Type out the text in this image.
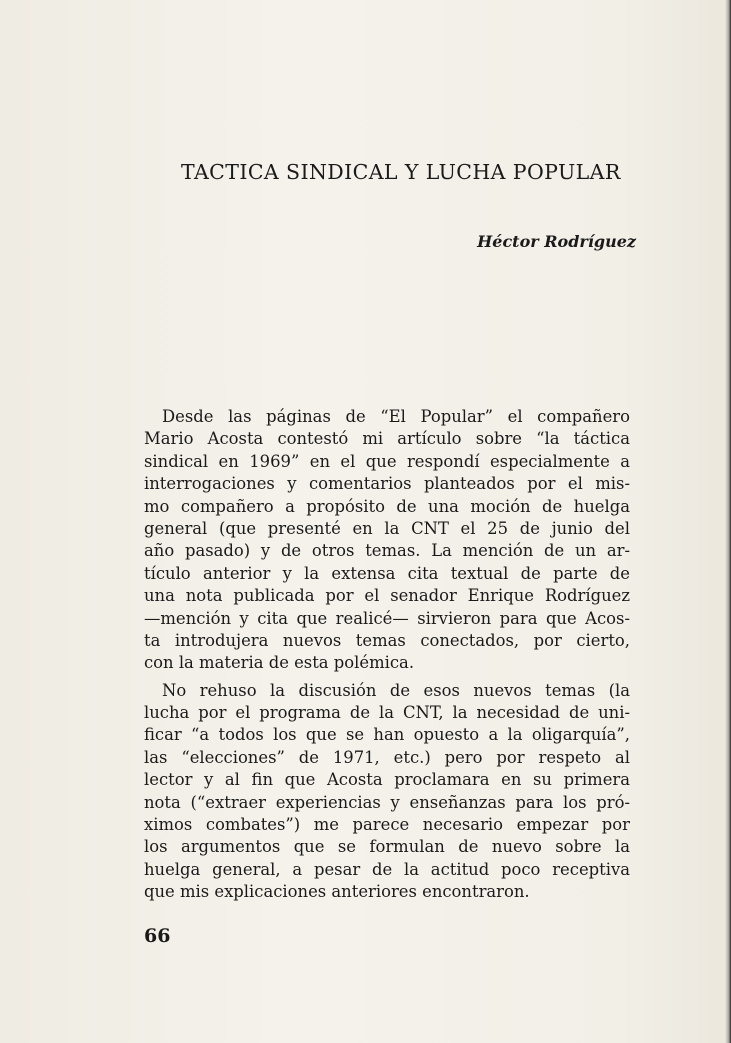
TACTICA SINDICAL Y LUCHA POPULAR
Héctor Rodríguez
Desde las páginas de “El Popular” el compañero
Mario Acosta contestó mi artículo sobre “la táctica
sindical en 1969” en el que respondí especialmente a
interrogaciones y comentarios planteados por el mis-
mo compañero a propósito de una moción de huelga
general (que presenté en la CNT el 25 de junio del
año pasado) y de otros temas. La mención de un ar-
tículo anterior y la extensa cita textual de parte de
una nota publicada por el senador Enrique Rodríguez
—mención y cita que realicé— sirvieron para que Acos-
ta introdujera nuevos temas conectados, por cierto,
con la materia de esta polémica.
No rehuso la discusión de esos nuevos temas (la
lucha por el programa de la CNT, la necesidad de uni-
ficar “a todos los que se han opuesto a la oligarquía”,
las “elecciones” de 1971, etc.) pero por respeto al
lector y al fin que Acosta proclamara en su primera
nota (“extraer experiencias y enseñanzas para los pró-
ximos combates”) me parece necesario empezar por
los argumentos que se formulan de nuevo sobre la
huelga general, a pesar de la actitud poco receptiva
que mis explicaciones anteriores encontraron.
66
